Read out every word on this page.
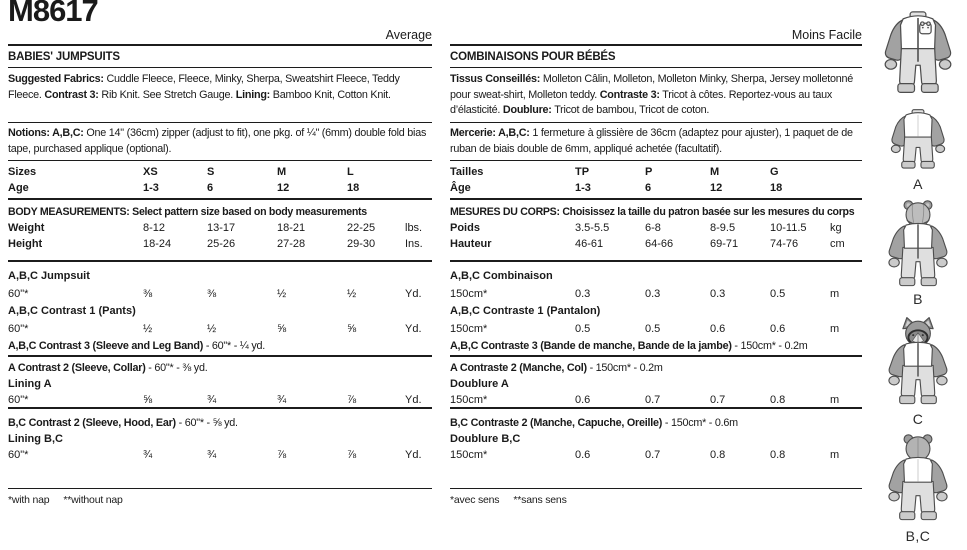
M8617
Average
BABIES' JUMPSUITS
Suggested Fabrics: Cuddle Fleece, Fleece, Minky, Sherpa, Sweatshirt Fleece, Teddy Fleece. Contrast 3: Rib Knit. See Stretch Gauge. Lining: Bamboo Knit, Cotton Knit.
Notions: A,B,C: One 14" (36cm) zipper (adjust to fit), one pkg. of ¼" (6mm) double fold bias tape, purchased applique (optional).
Sizes	XS	S	M	L
Age	1-3	6	12	18
BODY MEASUREMENTS: Select pattern size based on body measurements
Weight	8-12	13-17	18-21	22-25	lbs.
Height	18-24	25-26	27-28	29-30	Ins.
A,B,C Jumpsuit
60"*	⅜	⅜	½	½	Yd.
A,B,C Contrast 1 (Pants)
60"*	½	½	⅝	⅝	Yd.
A,B,C Contrast 3 (Sleeve and Leg Band) - 60"* - ¼ yd.
A Contrast 2 (Sleeve, Collar) - 60"* - ⅜ yd.
Lining A
60"*	⅝	¾	¾	⅞	Yd.
B,C Contrast 2 (Sleeve, Hood, Ear) - 60"* - ⅝ yd.
Lining B,C
60"*	¾	¾	⅞	⅞	Yd.
*with nap **without nap
Moins Facile
COMBINAISONS POUR BÉBÉS
Tissus Conseillés: Molleton Câlin, Molleton, Molleton Minky, Sherpa, Jersey molletonné pour sweat-shirt, Molleton teddy. Contraste 3: Tricot à côtes. Reportez-vous au taux d’élasticité. Doublure: Tricot de bambou, Tricot de coton.
Mercerie: A,B,C: 1 fermeture à glissière de 36cm (adaptez pour ajuster), 1 paquet de de ruban de biais double de 6mm, appliqué achetée (facultatif).
Tailles	TP	P	M	G
Âge	1-3	6	12	18
MESURES DU CORPS: Choisissez la taille du patron basée sur les mesures du corps
Poids	3.5-5.5	6-8	8-9.5	10-11.5	kg
Hauteur	46-61	64-66	69-71	74-76	cm
A,B,C Combinaison
150cm*	0.3	0.3	0.3	0.5	m
A,B,C Contraste 1 (Pantalon)
150cm*	0.5	0.5	0.6	0.6	m
A,B,C Contraste 3 (Bande de manche, Bande de la jambe) - 150cm* - 0.2m
A Contraste 2 (Manche, Col) - 150cm* - 0.2m
Doublure A
150cm*	0.6	0.7	0.7	0.8	m
B,C Contraste 2 (Manche, Capuche, Oreille) - 150cm* - 0.6m
Doublure B,C
150cm*	0.6	0.7	0.8	0.8	m
*avec sens **sans sens
A
B
C
B,C
